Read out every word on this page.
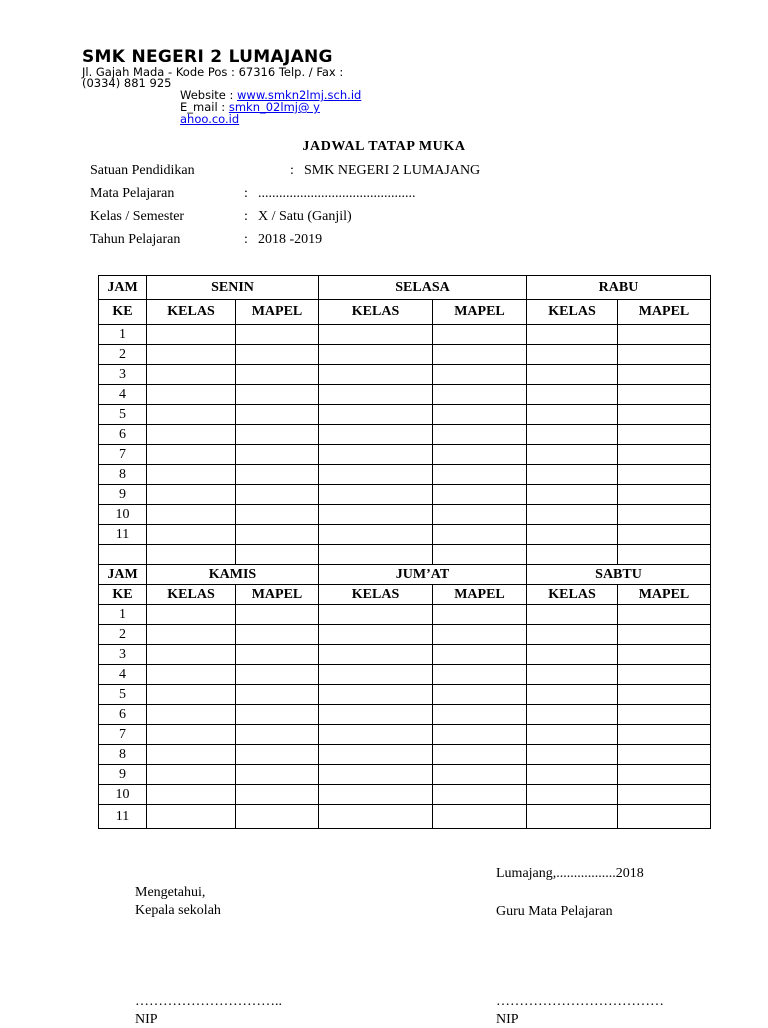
SMK NEGERI 2 LUMAJANG
Jl. Gajah Mada - Kode Pos : 67316 Telp. / Fax :
(0334) 881 925
Website : www.smkn2lmj.sch.id
E_mail : smkn_02lmj@ y
ahoo.co.id
JADWAL TATAP MUKA
Satuan Pendidikan	: SMK NEGERI 2 LUMAJANG
Mata Pelajaran	: .............................................
Kelas / Semester	: X / Satu (Ganjil)
Tahun Pelajaran	: 2018 -2019
JAM	SENIN		SELASA		RABU	
KE	KELAS	MAPEL	KELAS	MAPEL	KELAS	MAPEL
1						
2						
3						
4						
5						
6						
7						
8						
9						
10						
11						

JAM	KAMIS		JUM’AT		SABTU	
KE	KELAS	MAPEL	KELAS	MAPEL	KELAS	MAPEL
1						
2						
3						
4						
5						
6						
7						
8						
9						
10						
11						
Lumajang,.................2018
Mengetahui,
Kepala sekolah	Guru Mata Pelajaran
…………………………..	………………………………
NIP	NIP
